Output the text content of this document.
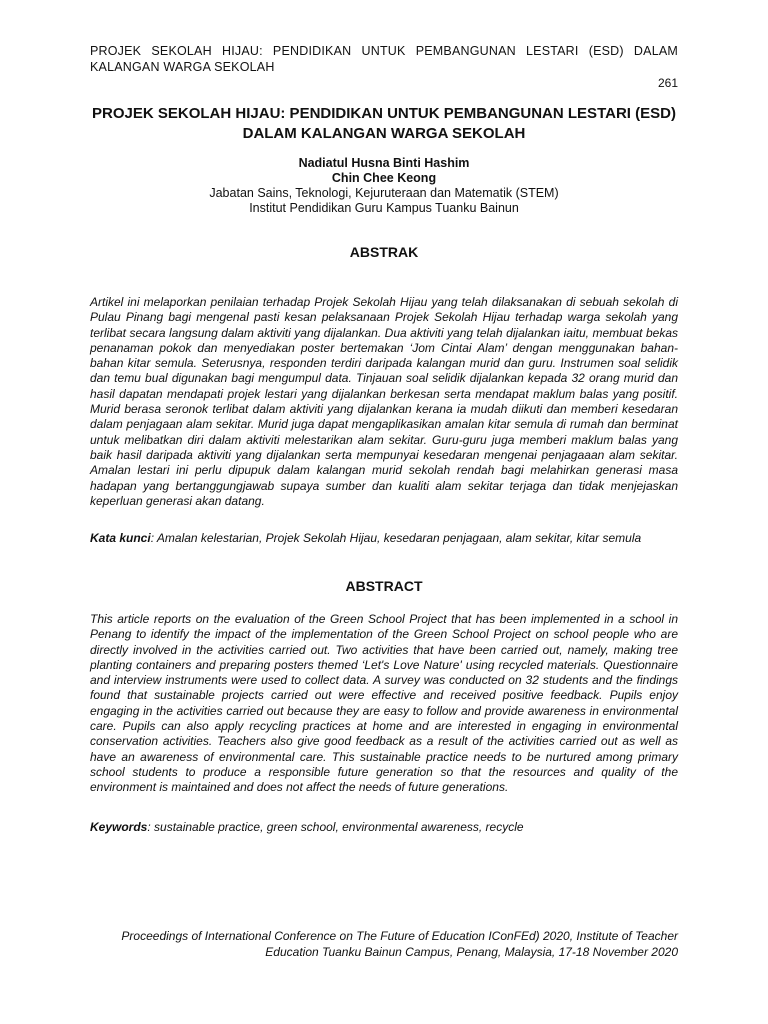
PROJEK SEKOLAH HIJAU: PENDIDIKAN UNTUK PEMBANGUNAN LESTARI (ESD) DALAM KALANGAN WARGA SEKOLAH
261
PROJEK SEKOLAH HIJAU: PENDIDIKAN UNTUK PEMBANGUNAN LESTARI (ESD) DALAM KALANGAN WARGA SEKOLAH
Nadiatul Husna Binti Hashim
Chin Chee Keong
Jabatan Sains, Teknologi, Kejuruteraan dan Matematik (STEM)
Institut Pendidikan Guru Kampus Tuanku Bainun
ABSTRAK
Artikel ini melaporkan penilaian terhadap Projek Sekolah Hijau yang telah dilaksanakan di sebuah sekolah di Pulau Pinang bagi mengenal pasti kesan pelaksanaan Projek Sekolah Hijau terhadap warga sekolah yang terlibat secara langsung dalam aktiviti yang dijalankan. Dua aktiviti yang telah dijalankan iaitu, membuat bekas penanaman pokok dan menyediakan poster bertemakan ‘Jom Cintai Alam’ dengan menggunakan bahan-bahan kitar semula. Seterusnya, responden terdiri daripada kalangan murid dan guru. Instrumen soal selidik dan temu bual digunakan bagi mengumpul data. Tinjauan soal selidik dijalankan kepada 32 orang murid dan hasil dapatan mendapati projek lestari yang dijalankan berkesan serta mendapat maklum balas yang positif. Murid berasa seronok terlibat dalam aktiviti yang dijalankan kerana ia mudah diikuti dan memberi kesedaran dalam penjagaan alam sekitar. Murid juga dapat mengaplikasikan amalan kitar semula di rumah dan berminat untuk melibatkan diri dalam aktiviti melestarikan alam sekitar. Guru-guru juga memberi maklum balas yang baik hasil daripada aktiviti yang dijalankan serta mempunyai kesedaran mengenai penjagaaan alam sekitar. Amalan lestari ini perlu dipupuk dalam kalangan murid sekolah rendah bagi melahirkan generasi masa hadapan yang bertanggungjawab supaya sumber dan kualiti alam sekitar terjaga dan tidak menjejaskan keperluan generasi akan datang.
Kata kunci: Amalan kelestarian, Projek Sekolah Hijau, kesedaran penjagaan, alam sekitar, kitar semula
ABSTRACT
This article reports on the evaluation of the Green School Project that has been implemented in a school in Penang to identify the impact of the implementation of the Green School Project on school people who are directly involved in the activities carried out. Two activities that have been carried out, namely, making tree planting containers and preparing posters themed ‘Let's Love Nature' using recycled materials. Questionnaire and interview instruments were used to collect data. A survey was conducted on 32 students and the findings found that sustainable projects carried out were effective and received positive feedback. Pupils enjoy engaging in the activities carried out because they are easy to follow and provide awareness in environmental care. Pupils can also apply recycling practices at home and are interested in engaging in environmental conservation activities. Teachers also give good feedback as a result of the activities carried out as well as have an awareness of environmental care. This sustainable practice needs to be nurtured among primary school students to produce a responsible future generation so that the resources and quality of the environment is maintained and does not affect the needs of future generations.
Keywords: sustainable practice, green school, environmental awareness, recycle
Proceedings of International Conference on The Future of Education IConFEd) 2020, Institute of Teacher Education Tuanku Bainun Campus, Penang, Malaysia, 17-18 November 2020
